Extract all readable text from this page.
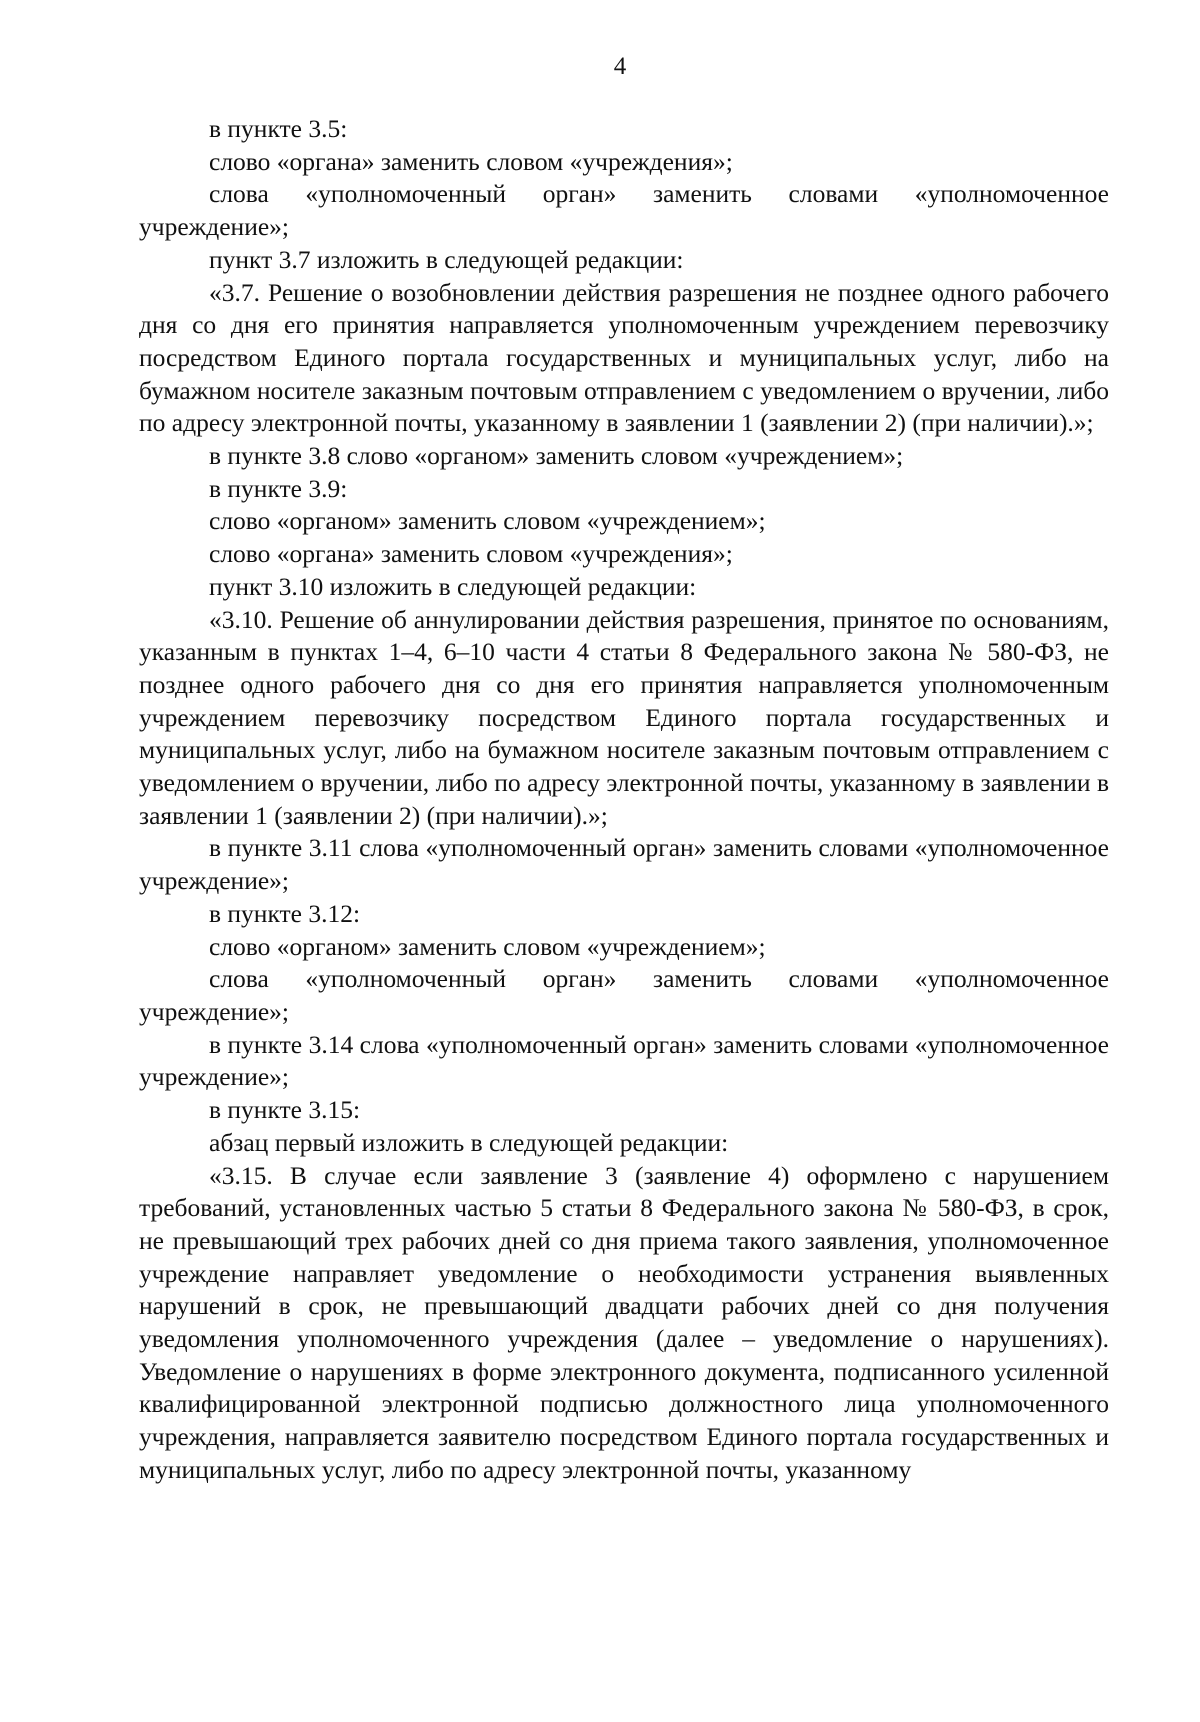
4

в пункте 3.5:

слово «органа» заменить словом «учреждения»;

слова «уполномоченный орган» заменить словами «уполномоченное учреждение»;

пункт 3.7 изложить в следующей редакции:

«3.7. Решение о возобновлении действия разрешения не позднее одного рабочего дня со дня его принятия направляется уполномоченным учреждением перевозчику посредством Единого портала государственных и муниципальных услуг, либо на бумажном носителе заказным почтовым отправлением с уведомлением о вручении, либо по адресу электронной почты, указанному в заявлении 1 (заявлении 2) (при наличии).»;

в пункте 3.8 слово «органом» заменить словом «учреждением»;

в пункте 3.9:

слово «органом» заменить словом «учреждением»;

слово «органа» заменить словом «учреждения»;

пункт 3.10 изложить в следующей редакции:

«3.10. Решение об аннулировании действия разрешения, принятое по основаниям, указанным в пунктах 1–4, 6–10 части 4 статьи 8 Федерального закона № 580-ФЗ, не позднее одного рабочего дня со дня его принятия направляется уполномоченным учреждением перевозчику посредством Единого портала государственных и муниципальных услуг, либо на бумажном носителе заказным почтовым отправлением с уведомлением о вручении, либо по адресу электронной почты, указанному в заявлении в заявлении 1 (заявлении 2) (при наличии).»;

в пункте 3.11 слова «уполномоченный орган» заменить словами «уполномоченное учреждение»;

в пункте 3.12:

слово «органом» заменить словом «учреждением»;

слова «уполномоченный орган» заменить словами «уполномоченное учреждение»;

в пункте 3.14 слова «уполномоченный орган» заменить словами «уполномоченное учреждение»;

в пункте 3.15:

абзац первый изложить в следующей редакции:

«3.15. В случае если заявление 3 (заявление 4) оформлено с нарушением требований, установленных частью 5 статьи 8 Федерального закона № 580-ФЗ, в срок, не превышающий трех рабочих дней со дня приема такого заявления, уполномоченное учреждение направляет уведомление о необходимости устранения выявленных нарушений в срок, не превышающий двадцати рабочих дней со дня получения уведомления уполномоченного учреждения (далее – уведомление о нарушениях). Уведомление о нарушениях в форме электронного документа, подписанного усиленной квалифицированной электронной подписью должностного лица уполномоченного учреждения, направляется заявителю посредством Единого портала государственных и муниципальных услуг, либо по адресу электронной почты, указанному
